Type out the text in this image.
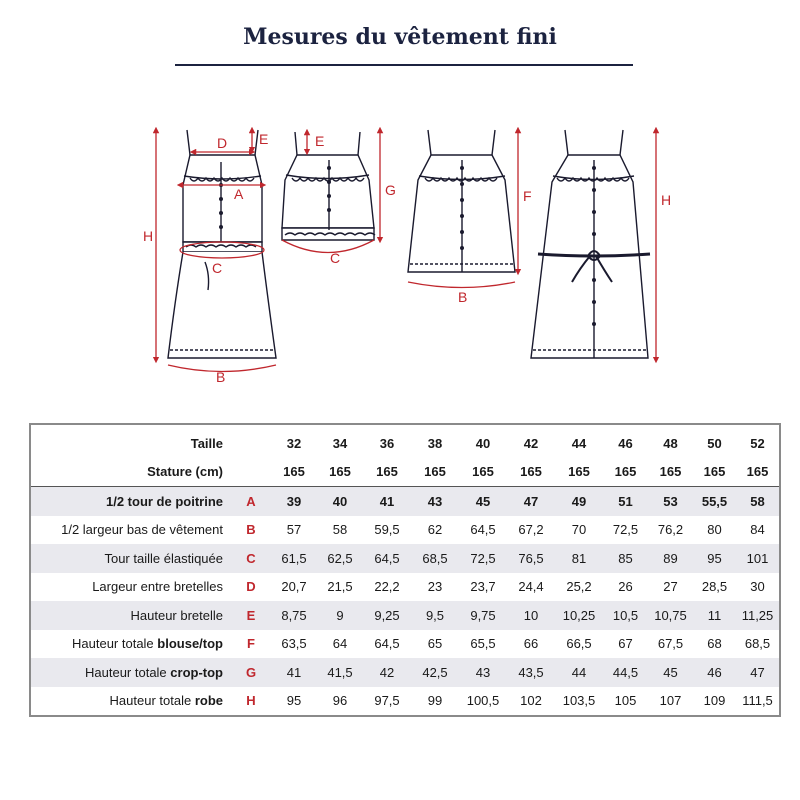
Mesures du vêtement fini
D E
A
C
B
H
E
C
G
B
F	H
Taille		32	34	36	38	40	42	44	46	48	50	52
Stature (cm)		165	165	165	165	165	165	165	165	165	165	165
1/2 tour de poitrine	A	39	40	41	43	45	47	49	51	53	55,5	58
1/2 largeur bas de vêtement	B	57	58	59,5	62	64,5	67,2	70	72,5	76,2	80	84
Tour taille élastiquée	C	61,5	62,5	64,5	68,5	72,5	76,5	81	85	89	95	101
Largeur entre bretelles	D	20,7	21,5	22,2	23	23,7	24,4	25,2	26	27	28,5	30
Hauteur bretelle	E	8,75	9	9,25	9,5	9,75	10	10,25	10,5	10,75	11	11,25
Hauteur totale blouse/top	F	63,5	64	64,5	65	65,5	66	66,5	67	67,5	68	68,5
Hauteur totale crop-top	G	41	41,5	42	42,5	43	43,5	44	44,5	45	46	47
Hauteur totale robe	H	95	96	97,5	99	100,5	102	103,5	105	107	109	111,5
